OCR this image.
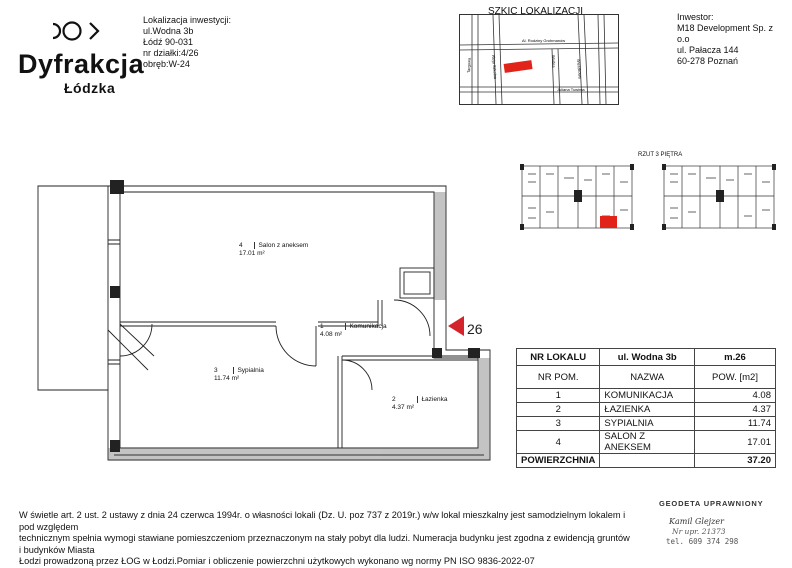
Dyfrakcja
Łódzka
Lokalizacja inwestycji:
ul.Wodna 3b
Łódź 90-031
nr działki:4/26
obręb:W-24
SZKIC LOKALIZACJI
Al. Rodziny Grohmanów
Aleja Szkolna	Wodna
Targowa
Julianа Tuwima
Wierzbowa
Inwestor:
M18 Development Sp. z o.o
ul. Pałacza 144
60-278 Poznań
RZUT 3 PIĘTRA
4 Salon z aneksem
17.01 m²
1	Komunikacja
4.08 m²
3	Sypialnia
11.74 m²
2	Łazienka
4.37 m²
26
NR LOKALU	ul. Wodna 3b	m.26
NR POM.	NAZWA	POW. [m2]
1	KOMUNIKACJA	4.08
2	ŁAZIENKA	4.37
3	SYPIALNIA	11.74
4	SALON Z ANEKSEM	17.01
POWIERZCHNIA		37.20
W świetle art. 2 ust. 2 ustawy z dnia 24 czerwca 1994r. o własności lokali (Dz. U. poz 737 z 2019r.) w/w lokal mieszkalny jest samodzielnym lokalem i pod względem
technicznym spełnia wymogi stawiane pomieszczeniom przeznaczonym na stały pobyt dla ludzi. Numeracja budynku jest zgodna z ewidencją gruntów i budynków Miasta
Łodzi prowadzoną przez ŁOG w Łodzi.Pomiar i obliczenie powierzchni użytkowych wykonano wg normy PN ISO 9836-2022-07
GEODETA UPRAWNIONY
Kamil Glejzer
Nr upr. 21373
tel. 609 374 298
